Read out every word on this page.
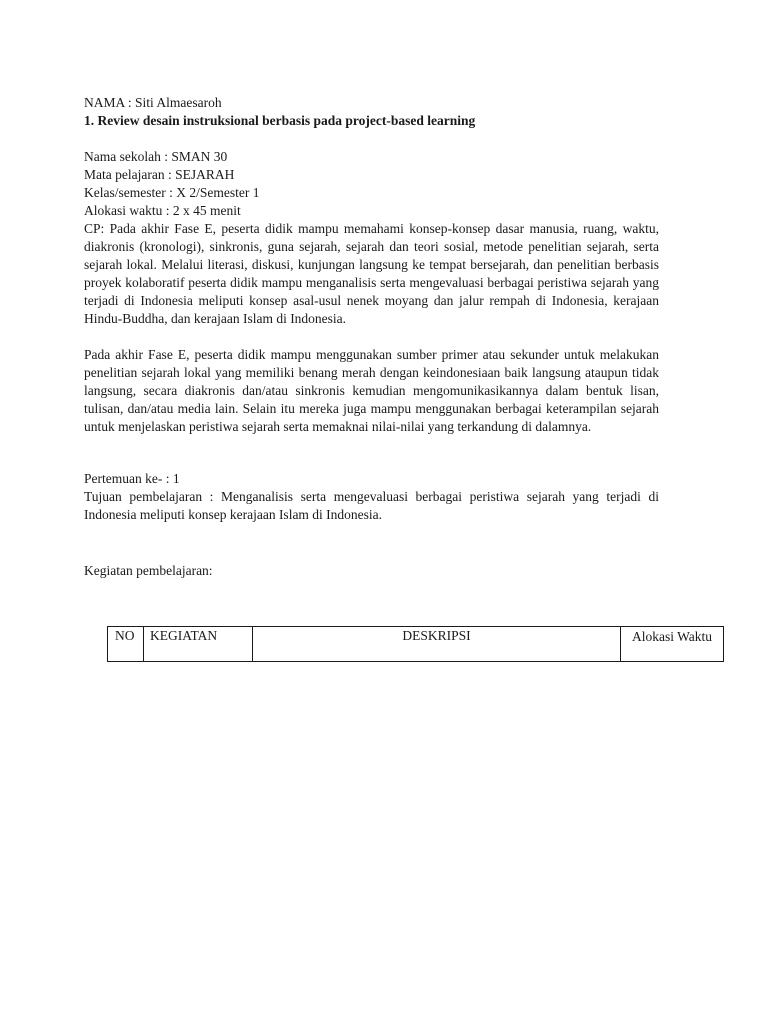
NAMA : Siti Almaesaroh

1. Review desain instruksional berbasis pada project-based learning

Nama sekolah : SMAN 30

Mata pelajaran : SEJARAH

Kelas/semester : X 2/Semester 1

Alokasi waktu : 2 x 45 menit

CP: Pada akhir Fase E, peserta didik mampu memahami konsep-konsep dasar manusia, ruang, waktu, diakronis (kronologi), sinkronis, guna sejarah, sejarah dan teori sosial, metode penelitian sejarah, serta sejarah lokal. Melalui literasi, diskusi, kunjungan langsung ke tempat bersejarah, dan penelitian berbasis proyek kolaboratif peserta didik mampu menganalisis serta mengevaluasi berbagai peristiwa sejarah yang terjadi di Indonesia meliputi konsep asal-usul nenek moyang dan jalur rempah di Indonesia, kerajaan Hindu-Buddha, dan kerajaan Islam di Indonesia.

Pada akhir Fase E, peserta didik mampu menggunakan sumber primer atau sekunder untuk melakukan penelitian sejarah lokal yang memiliki benang merah dengan keindonesiaan baik langsung ataupun tidak langsung, secara diakronis dan/atau sinkronis kemudian mengomunikasikannya dalam bentuk lisan, tulisan, dan/atau media lain. Selain itu mereka juga mampu menggunakan berbagai keterampilan sejarah untuk menjelaskan peristiwa sejarah serta memaknai nilai-nilai yang terkandung di dalamnya.

Pertemuan ke- : 1

Tujuan pembelajaran : Menganalisis serta mengevaluasi berbagai peristiwa sejarah yang terjadi di Indonesia meliputi konsep kerajaan Islam di Indonesia.

Kegiatan pembelajaran:

NO	KEGIATAN	DESKRIPSI	Alokasi Waktu
